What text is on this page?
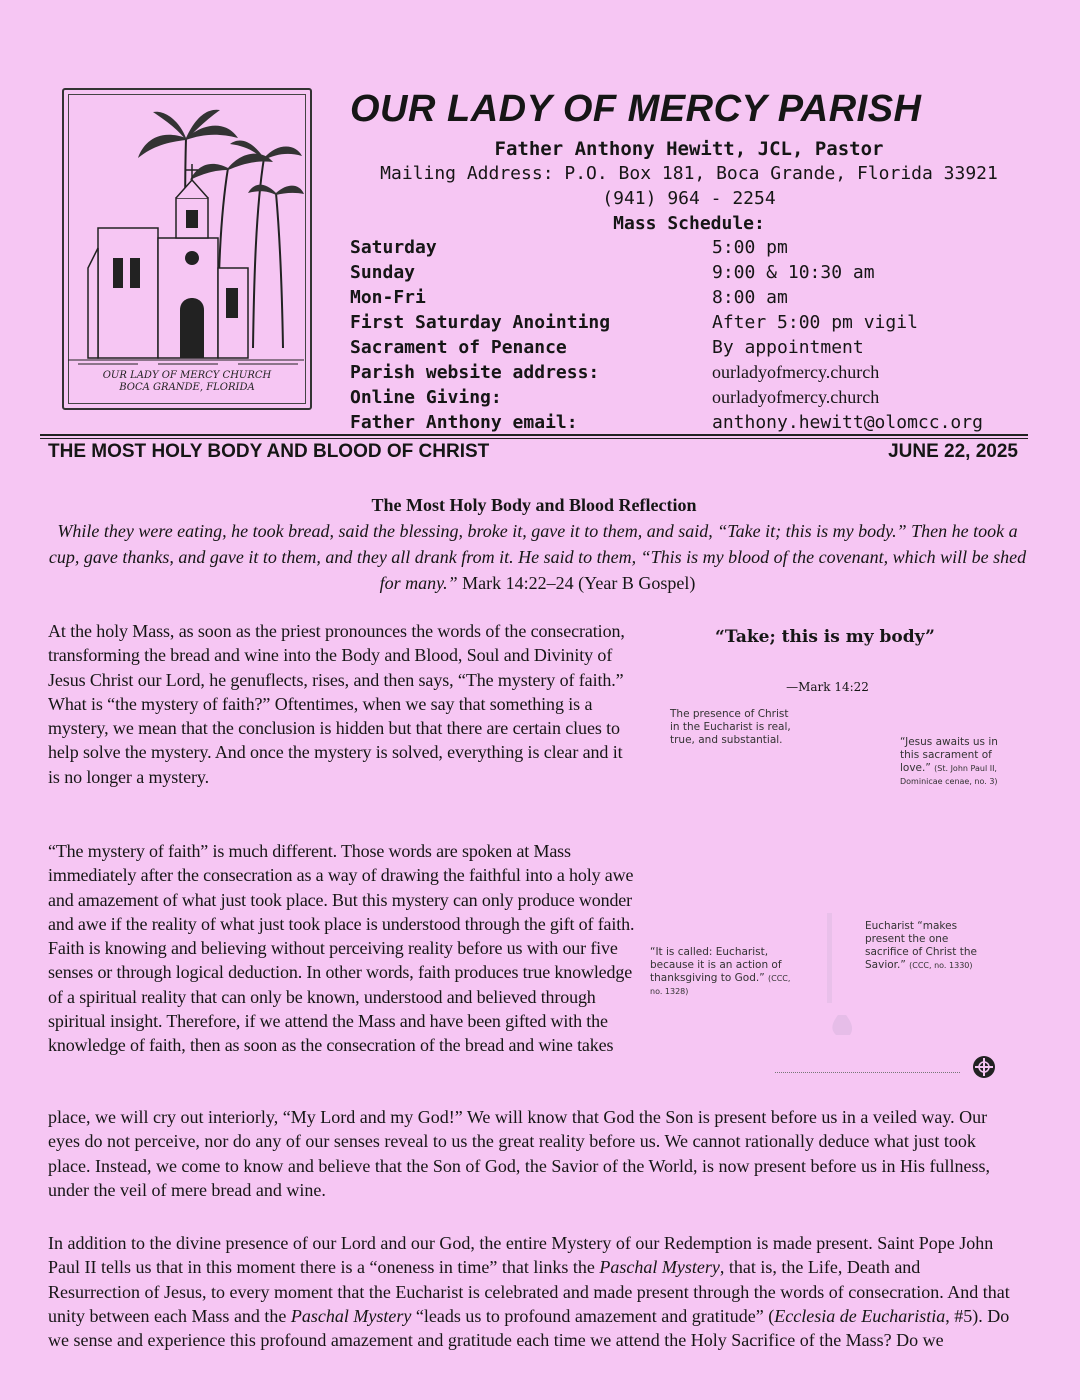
OUR LADY OF MERCY CHURCH
BOCA GRANDE, FLORIDA
OUR LADY OF MERCY PARISH
Father Anthony Hewitt, JCL, Pastor
Mailing Address: P.O. Box 181, Boca Grande, Florida 33921
(941) 964 - 2254
Mass Schedule:
Saturday	5:00 pm
Sunday	9:00 & 10:30 am
Mon-Fri	8:00 am
First Saturday Anointing	After 5:00 pm vigil
Sacrament of Penance	By appointment
Parish website address:	ourladyofmercy.church
Online Giving:	ourladyofmercy.church
Father Anthony email:	anthony.hewitt@olomcc.org
THE MOST HOLY BODY AND BLOOD OF CHRIST	JUNE 22, 2025
The Most Holy Body and Blood Reflection
While they were eating, he took bread, said the blessing, broke it, gave it to them, and said, “Take it; this is my body.” Then he took a cup, gave thanks, and gave it to them, and they all drank from it. He said to them, “This is my blood of the covenant, which will be shed for many.” Mark 14:22–24 (Year B Gospel)

At the holy Mass, as soon as the priest pronounces the words of the consecration, transforming the bread and wine into the Body and Blood, Soul and Divinity of Jesus Christ our Lord, he genuflects, rises, and then says, “The mystery of faith.” What is “the mystery of faith?” Oftentimes, when we say that something is a mystery, we mean that the conclusion is hidden but that there are certain clues to help solve the mystery. And once the mystery is solved, everything is clear and it is no longer a mystery.

“The mystery of faith” is much different. Those words are spoken at Mass immediately after the consecration as a way of drawing the faithful into a holy awe and amazement of what just took place. But this mystery can only produce wonder and awe if the reality of what just took place is understood through the gift of faith. Faith is knowing and believing without perceiving reality before us with our five senses or through logical deduction. In other words, faith produces true knowledge of a spiritual reality that can only be known, understood and believed through spiritual insight. Therefore, if we attend the Mass and have been gifted with the knowledge of faith, then as soon as the consecration of the bread and wine takes

place, we will cry out interiorly, “My Lord and my God!” We will know that God the Son is present before us in a veiled way. Our eyes do not perceive, nor do any of our senses reveal to us the great reality before us. We cannot rationally deduce what just took place. Instead, we come to know and believe that the Son of God, the Savior of the World, is now present before us in His fullness, under the veil of mere bread and wine.

In addition to the divine presence of our Lord and our God, the entire Mystery of our Redemption is made present. Saint Pope John Paul II tells us that in this moment there is a “oneness in time” that links the Paschal Mystery, that is, the Life, Death and Resurrection of Jesus, to every moment that the Eucharist is celebrated and made present through the words of consecration. And that unity between each Mass and the Paschal Mystery “leads us to profound amazement and gratitude” (Ecclesia de Eucharistia, #5). Do we sense and experience this profound amazement and gratitude each time we attend the Holy Sacrifice of the Mass? Do we

“Take; this is my body”
—Mark 14:22
The presence of Christ in the Eucharist is real, true, and substantial.	“Jesus awaits us in this sacrament of love.” (St. John Paul II, Dominicae cenae, no. 3)
“It is called: Eucharist, because it is an action of thanksgiving to God.” (CCC, no. 1328)
Eucharist “makes present the one sacrifice of Christ the Savior.” (CCC, no. 1330)
